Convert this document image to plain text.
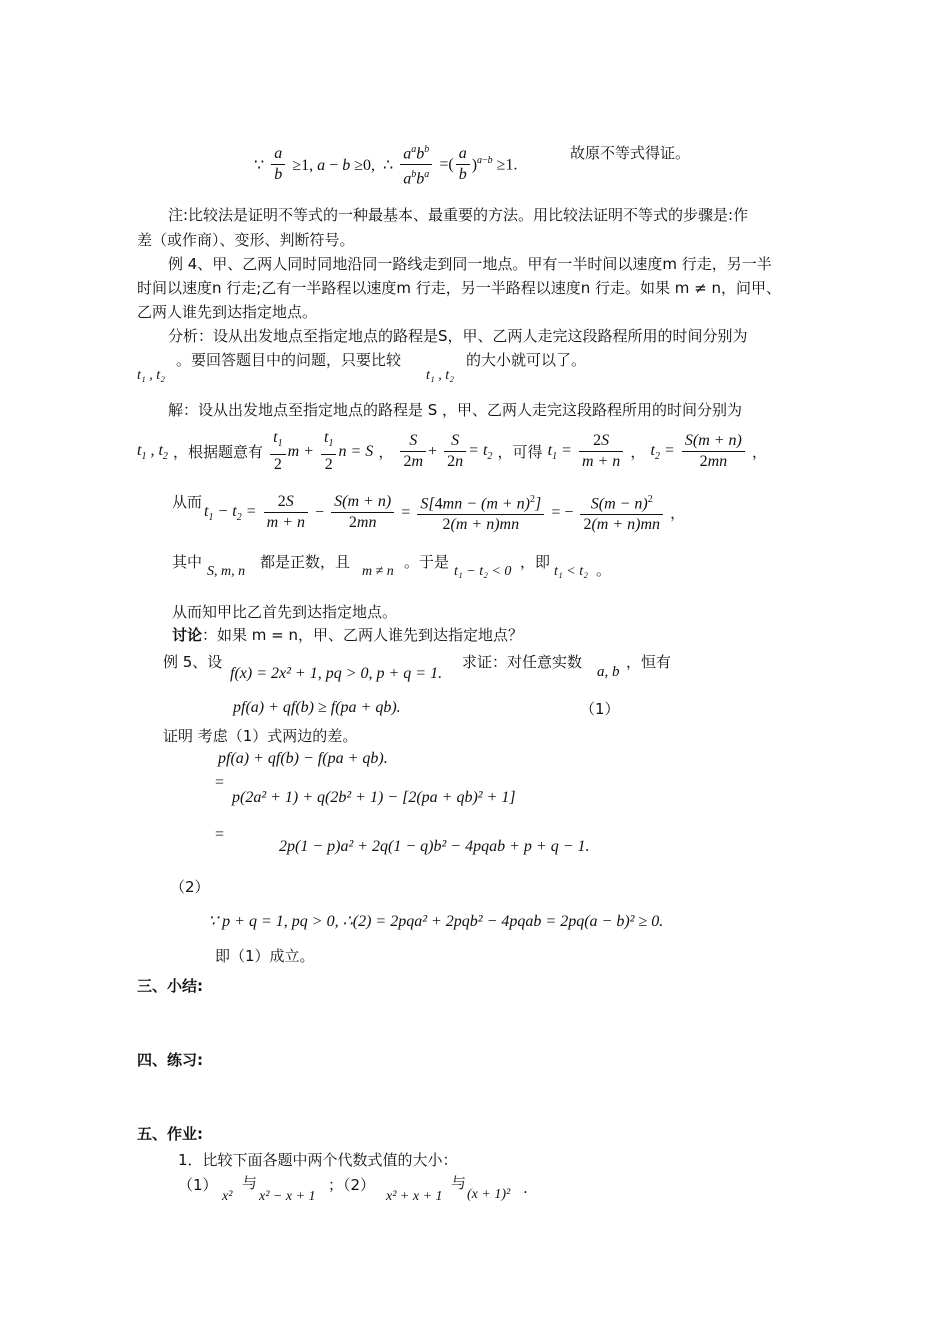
∵ $\frac{a}{b} \ge 1$, a − b ≥0,  ∴ $\frac{a^ab^b}{a^bb^a}$ =( $\frac{a}{b} )^{a-b} \ge 1$.
故原不等式得证。
注:比较法是证明不等式的一种最基本、最重要的方法。用比较法证明不等式的步骤是:作
差（或作商）、变形、判断符号。
例 4、甲、乙两人同时同地沿同一路线走到同一地点。甲有一半时间以速度m 行走，另一半
时间以速度n 行走;乙有一半路程以速度m 行走，另一半路程以速度n 行走。如果 m ≠ n，问甲、
乙两人谁先到达指定地点。
分析：设从出发地点至指定地点的路程是S，甲、乙两人走完这段路程所用的时间分别为
t₁ , t₂
。要回答题目中的问题，只要比较
t₁ , t₂
的大小就可以了。
解：设从出发地点至指定地点的路程是 S ，甲、乙两人走完这段路程所用的时间分别为
$t_1$ , $t_2$ ，根据题意有 $\frac{t_1}{2}$ $m + \frac{t_1}{2}$ n = S ， $\frac{S}{2m} + \frac{S}{2n} = t_2$ ，可得 $t_1 = \frac{2S}{m + n}$ ， $t_2 = \frac{S(m + n)}{2mn}$ ，
从而
$t_1 - t_2 = \frac{2S}{m + n} - \frac{S(m + n)}{2mn} = \frac{S[4mn - (m + n)^2]}{2(m + n)mn}$ = − $\frac{S(m - n)^2}{2(m + n)mn}$ ，
其中
S, m, n
都是正数，且
m ≠ n
。于是
t₁ − t₂ < 0
，即
t₁ < t₂ 。
从而知甲比乙首先到达指定地点。
讨论：如果 m = n，甲、乙两人谁先到达指定地点？
例 5、设
f(x) = 2x² + 1, pq > 0, p + q = 1.
求证：对任意实数
a, b
，恒有
pf(a) + qf(b) ≥ f(pa + qb).	（1）
证明 考虑（1）式两边的差。
pf(a) + qf(b) − f(pa + qb).
=
p(2a² + 1) + q(2b² + 1) − [2(pa + qb)² + 1]
=
2p(1 − p)a² + 2q(1 − q)b² − 4pqab + p + q − 1.
（2）
∵ p + q = 1, pq > 0, ∴(2) = 2pqa² + 2pqb² − 4pqab = 2pq(a − b)² ≥ 0.
即（1）成立。
三、小结:
四、练习:
五、作业:
1．比较下面各题中两个代数式值的大小：
（1）
x²
与
x² − x + 1
；（2）
x² + x + 1
与
(x + 1)² .
